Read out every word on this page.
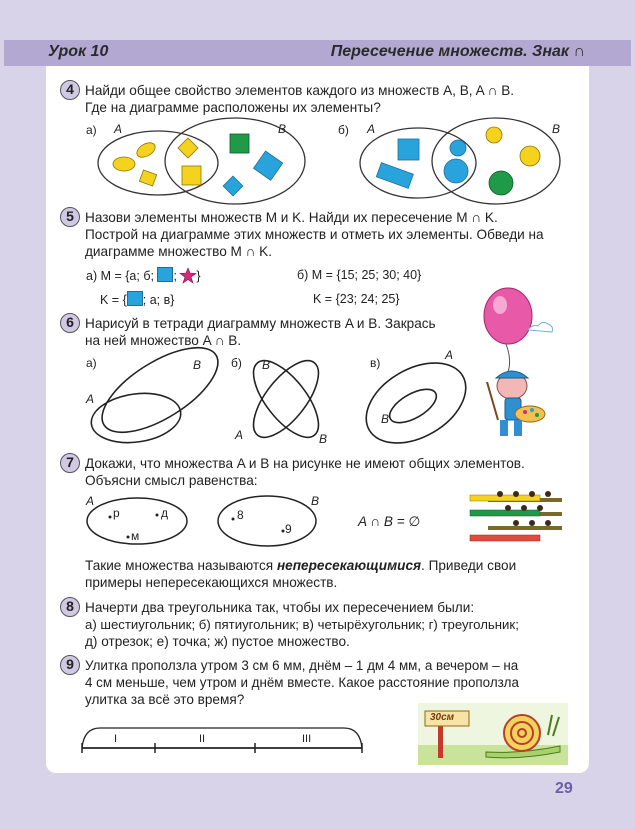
Урок 10	Пересечение множеств. Знак ∩
4 Найди общее свойство элементов каждого из множеств A, B, A ∩ B.
Где на диаграмме расположены их элементы?
а) A	B	б) A	B
5 Назови элементы множеств M и K. Найди их пересечение M ∩ K.
Построй на диаграмме этих множеств и отметь их элементы. Обведи на
диаграмме множество M ∩ K.
а) M = {а; б; ; }
K = { ; а; в}
б) M = {15; 25; 30; 40}
K = {23; 24; 25}
6 Нарисуй в тетради диаграмму множеств A и B. Закрась
на ней множество A ∩ B.
а)	B
A
б) B
A	B
в)
A
B
7 Докажи, что множества A и B на рисунке не имеют общих элементов.
Объясни смысл равенства:
A	B
р	д
м
8
9	A ∩ B = ∅
Такие множества называются непересекающимися. Приведи свои
примеры непересекающихся множеств.
8 Начерти два треугольника так, чтобы их пересечением были:
а) шестиугольник; б) пятиугольник; в) четырёхугольник; г) треугольник;
д) отрезок; е) точка; ж) пустое множество.
9 Улитка проползла утром 3 см 6 мм, днём – 1 дм 4 мм, а вечером – на
4 см меньше, чем утром и днём вместе. Какое расстояние проползла
улитка за всё это время?
I	II	III
30см
29
